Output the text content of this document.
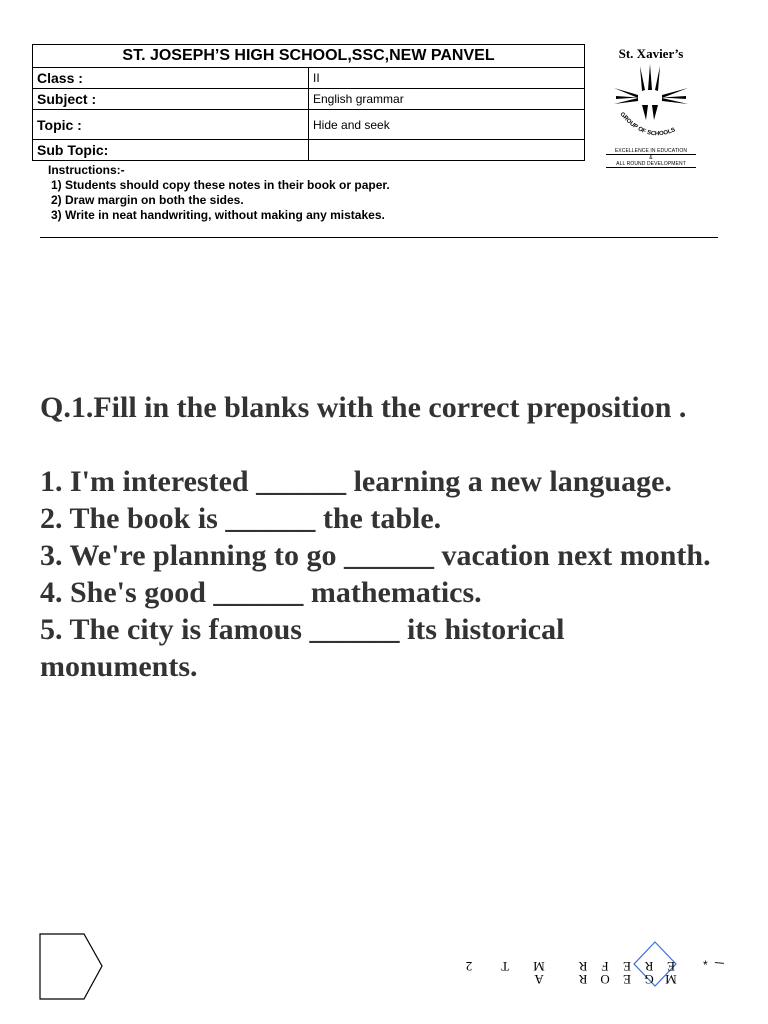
ST. JOSEPH’S HIGH SCHOOL,SSC,NEW PANVEL	
Class :	II
Subject :	English grammar
Topic :	Hide and seek
Sub Topic:	
St. Xavier’s
GROUP OF SCHOOLS
EXCELLENCE IN EDUCATION
&
ALL ROUND DEVELOPMENT
Instructions:-
1) Students should copy these notes in their book or paper.
2) Draw margin on both the sides.
3) Write in neat handwriting, without making any mistakes.

Q.1.Fill in the blanks with the correct preposition .

1. I'm interested ______ learning a new language.

2. The book is ______ the table.

3. We're planning to go ______ vacation next month.

4. She's good ______ mathematics.

5. The city is famous ______ its historical monuments.

M
E
G
R
E
E
O
F
R
R
A
M
T
2	* \
